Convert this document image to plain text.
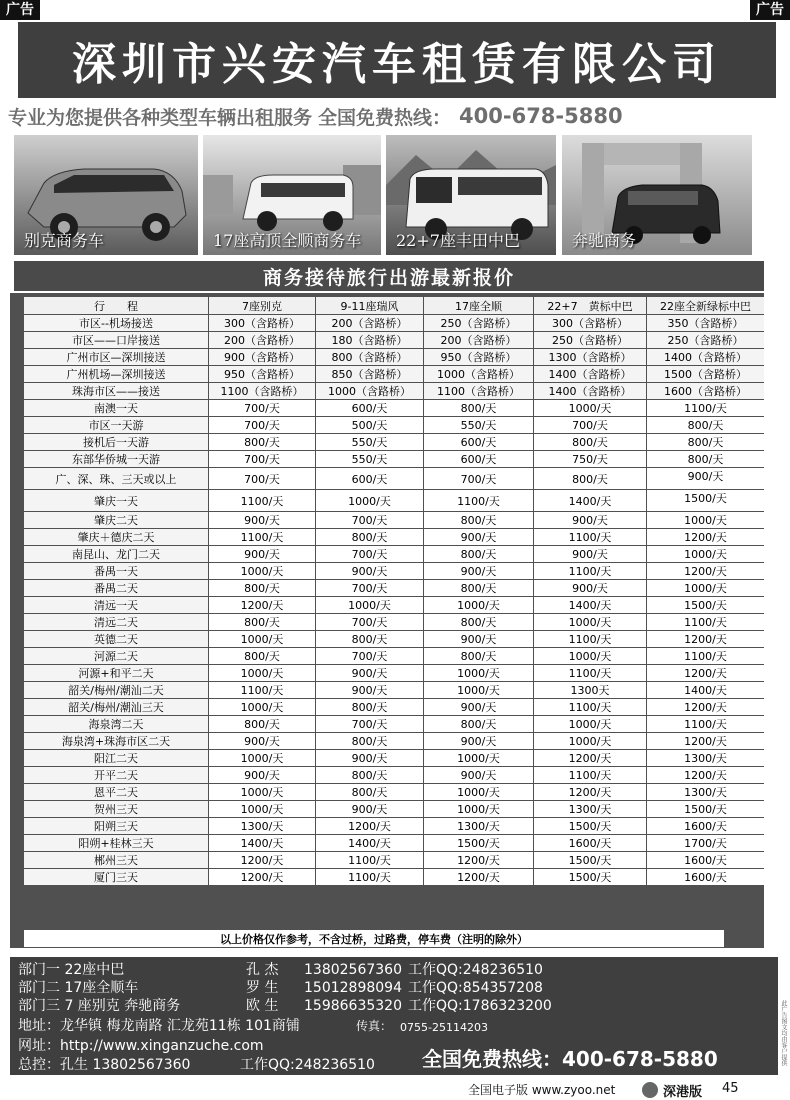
广告	广告
深圳市兴安汽车租赁有限公司
专业为您提供各种类型车辆出租服务 全国免费热线： 400-678-5880
别克商务车	17座高顶全顺商务车 22+7座丰田中巴	奔驰商务
商务接待旅行出游最新报价
行　　程	7座别克	9-11座瑞风	17座全顺	22+7　黄标中巴	22座全新绿标中巴
市区--机场接送	300（含路桥）	200（含路桥）	250（含路桥）	300（含路桥）	350（含路桥）
市区——口岸接送	200（含路桥）	180（含路桥）	200（含路桥）	250（含路桥）	250（含路桥）
广州市区—深圳接送	900（含路桥）	800（含路桥）	950（含路桥）	1300（含路桥）	1400（含路桥）
广州机场—深圳接送	950（含路桥）	850（含路桥）	1000（含路桥）	1400（含路桥）	1500（含路桥）
珠海市区——接送	1100（含路桥）	1000（含路桥）	1100（含路桥）	1400（含路桥）	1600（含路桥）
南澳一天	700/天	600/天	800/天	1000/天	1100/天
市区一天游	700/天	500/天	550/天	700/天	800/天
接机后一天游	800/天	550/天	600/天	800/天	800/天
东部华侨城一天游	700/天	550/天	600/天	750/天	800/天
广、深、珠、三天或以上	700/天	600/天	700/天	800/天	900/天
肇庆一天	1100/天	1000/天	1100/天	1400/天	1500/天
肇庆二天	900/天	700/天	800/天	900/天	1000/天
肇庆＋德庆二天	1100/天	800/天	900/天	1100/天	1200/天
南昆山、龙门二天	900/天	700/天	800/天	900/天	1000/天
番禺一天	1000/天	900/天	900/天	1100/天	1200/天
番禺二天	800/天	700/天	800/天	900/天	1000/天
清远一天	1200/天	1000/天	1000/天	1400/天	1500/天
清远二天	800/天	700/天	800/天	1000/天	1100/天
英德二天	1000/天	800/天	900/天	1100/天	1200/天
河源二天	800/天	700/天	800/天	1000/天	1100/天
河源+和平二天	1000/天	900/天	1000/天	1100/天	1200/天
韶关/梅州/潮汕二天	1100/天	900/天	1000/天	1300天	1400/天
韶关/梅州/潮汕三天	1000/天	800/天	900/天	1100/天	1200/天
海泉湾二天	800/天	700/天	800/天	1000/天	1100/天
海泉湾+珠海市区二天	900/天	800/天	900/天	1000/天	1200/天
阳江二天	1000/天	900/天	1000/天	1200/天	1300/天
开平二天	900/天	800/天	900/天	1100/天	1200/天
恩平二天	1000/天	800/天	1000/天	1200/天	1300/天
贺州三天	1000/天	900/天	1000/天	1300/天	1500/天
阳朔三天	1300/天	1200/天	1300/天	1500/天	1600/天
阳朔+桂林三天	1400/天	1400/天	1500/天	1600/天	1700/天
郴州三天	1200/天	1100/天	1200/天	1500/天	1600/天
厦门三天	1200/天	1100/天	1200/天	1500/天	1600/天
以上价格仅作参考，不含过桥，过路费，停车费（注明的除外）
部门一 22座中巴	孔 杰 13802567360 工作QQ:248236510
部门二 17座全顺车	罗 生 15012898094 工作QQ:854357208
部门三 7 座别克 奔驰商务	欧 生 15986635320 工作QQ:1786323200
地址：龙华镇 梅龙南路 汇龙苑11栋 101商铺	传真： 0755-25114203
网址：http://www.xinganzuche.com
总控：孔生 13802567360	工作QQ:248236510 全国免费热线：400-678-5880	此广告图文均由客户提供
全国电子版 www.zyoo.net	深港版 45
